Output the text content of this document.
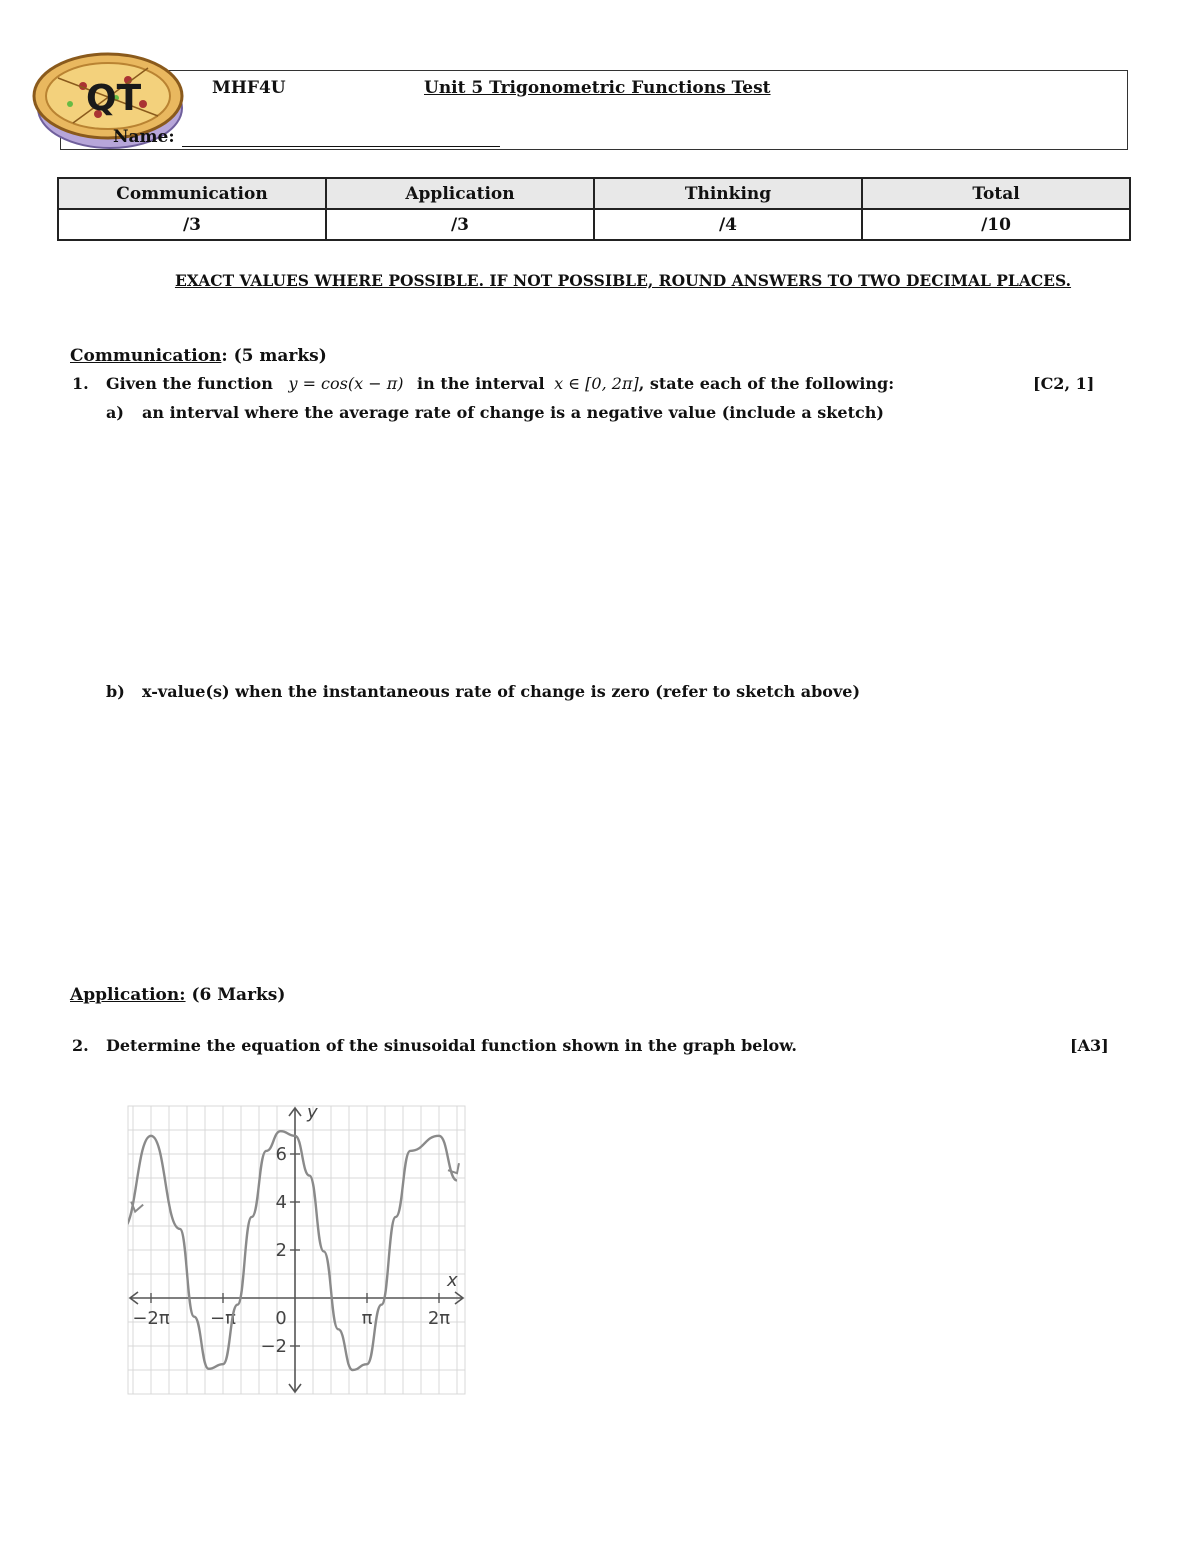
QT	MHF4U	Unit 5 Trigonometric Functions Test
Name:
Communication	Application	Thinking	Total
/3	/3	/4	/10
EXACT VALUES WHERE POSSIBLE. IF NOT POSSIBLE, ROUND ANSWERS TO TWO DECIMAL PLACES.
Communication: (5 marks)
1. Given the function y = cos(x − π) in the interval x ∈ [0, 2π], state each of the following:	[C2, 1]
a) an interval where the average rate of change is a negative value (include a sketch)
b) x-value(s) when the instantaneous rate of change is zero (refer to sketch above)
Application: (6 Marks)
2. Determine the equation of the sinusoidal function shown in the graph below.	[A3]
x
y
−2π −π 0	π	2π
6
4
2
−2
